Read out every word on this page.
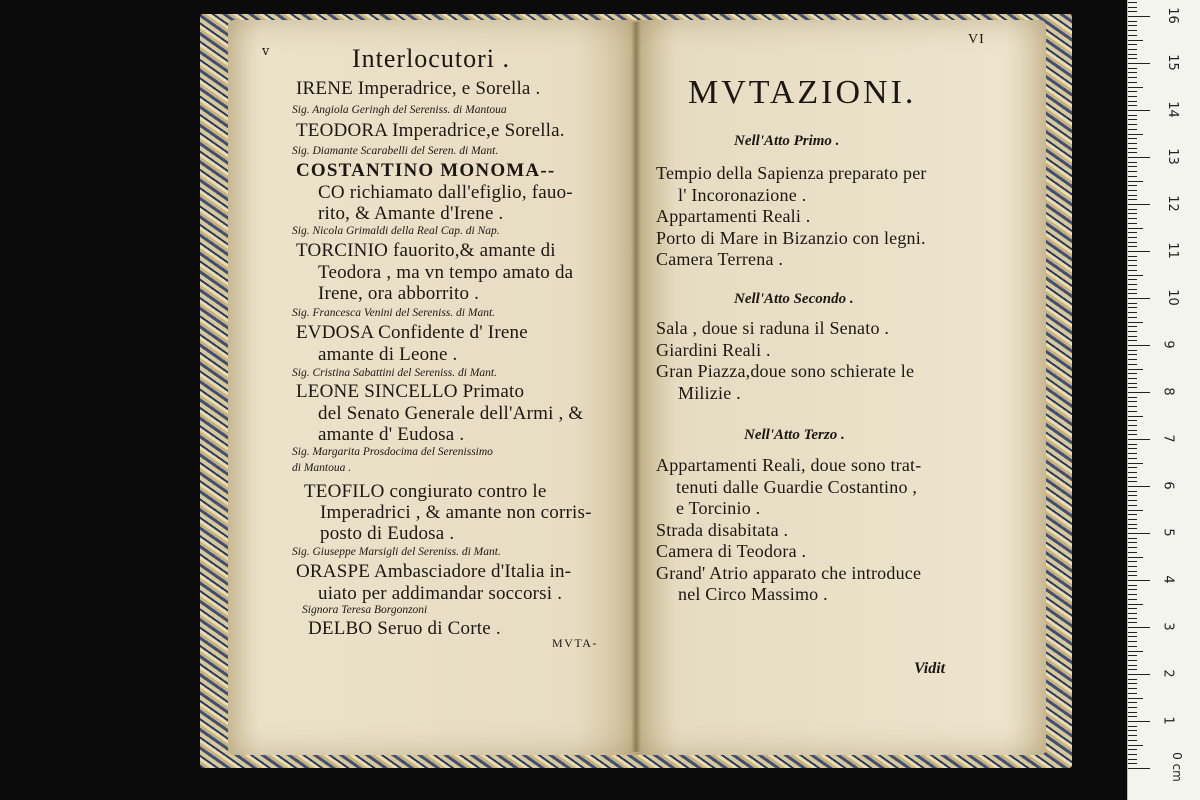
v	Interlocutori .
IRENE Imperadrice, e Sorella .
Sig. Angiola Geringh del Sereniss. di Mantoua
TEODORA Imperadrice,e Sorella.
Sig. Diamante Scarabelli del Seren. di Mant.
COSTANTINO MONOMA--
CO richiamato dall'efiglio, fauo-
rito, & Amante d'Irene .
Sig. Nicola Grimaldi della Real Cap. di Nap.
TORCINIO fauorito,& amante di
Teodora , ma vn tempo amato da
Irene, ora abborrito .
Sig. Francesca Venini del Sereniss. di Mant.
EVDOSA Confidente d' Irene
amante di Leone .
Sig. Cristina Sabattini del Sereniss. di Mant.
LEONE SINCELLO Primato
del Senato Generale dell'Armi , &
amante d' Eudosa .
Sig. Margarita Prosdocima del Serenissimo
di Mantoua .
TEOFILO congiurato contro le
Imperadrici , & amante non corris-
posto di Eudosa .
Sig. Giuseppe Marsigli del Sereniss. di Mant.
ORASPE Ambasciadore d'Italia in-
uiato per addimandar soccorsi .
Signora Teresa Borgonzoni
DELBO Seruo di Corte .
MVTA-
VI
MVTAZIONI.
Nell'Atto Primo .
Tempio della Sapienza preparato per
l' Incoronazione .
Appartamenti Reali .
Porto di Mare in Bizanzio con legni.
Camera Terrena .
Nell'Atto Secondo .
Sala , doue si raduna il Senato .
Giardini Reali .
Gran Piazza,doue sono schierate le
Milizie .
Nell'Atto Terzo .
Appartamenti Reali, doue sono trat-
tenuti dalle Guardie Costantino ,
e Torcinio .
Strada disabitata .
Camera di Teodora .
Grand' Atrio apparato che introduce
nel Circo Massimo .
Vidit
1
2
3
4
5
6
7
8
9
10
11
12
13
14
15
16
0 cm
